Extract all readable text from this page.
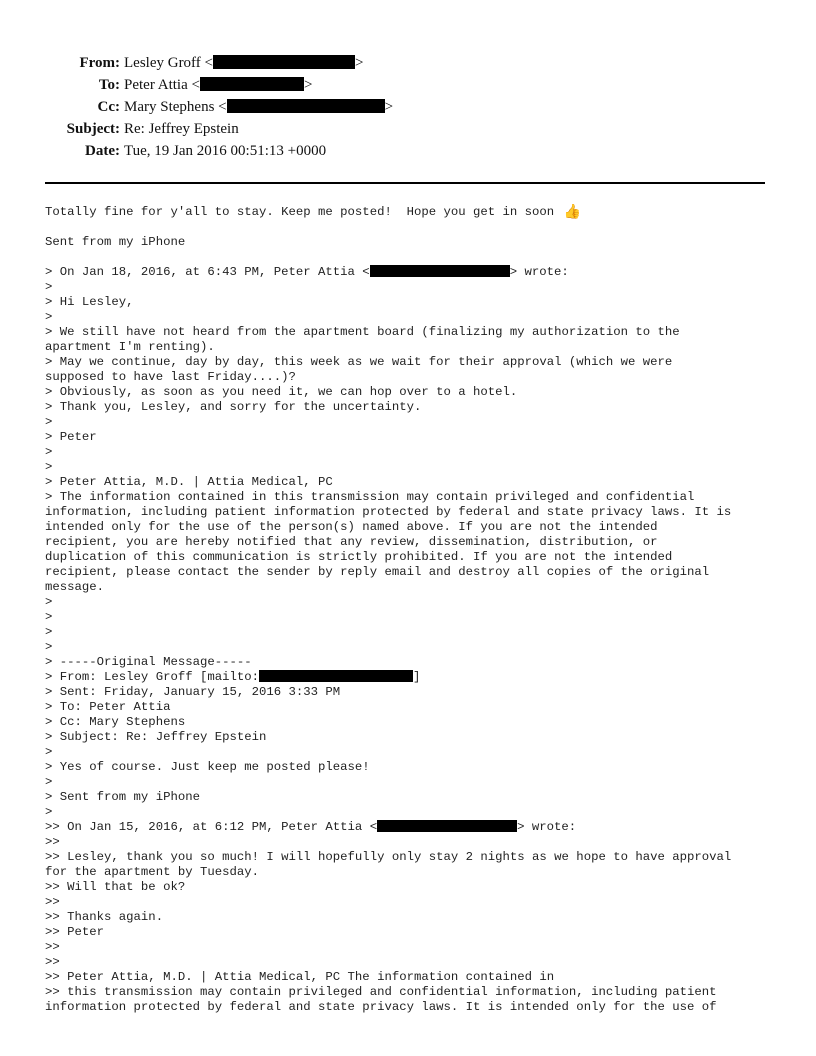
From: Lesley Groff <	>
To: Peter Attia <	>
Cc: Mary Stephens <	>
Subject: Re: Jeffrey Epstein
Date: Tue, 19 Jan 2016 00:51:13 +0000
Totally fine for y'all to stay. Keep me posted!  Hope you get in soon 👍
Sent from my iPhone
> On Jan 18, 2016, at 6:43 PM, Peter Attia <	> wrote:
>
> Hi Lesley,
>
> We still have not heard from the apartment board (finalizing my authorization to the
apartment I'm renting).
> May we continue, day by day, this week as we wait for their approval (which we were
supposed to have last Friday....)?
> Obviously, as soon as you need it, we can hop over to a hotel.
> Thank you, Lesley, and sorry for the uncertainty.
>
> Peter
>
>
> Peter Attia, M.D. | Attia Medical, PC
> The information contained in this transmission may contain privileged and confidential
information, including patient information protected by federal and state privacy laws. It is
intended only for the use of the person(s) named above. If you are not the intended
recipient, you are hereby notified that any review, dissemination, distribution, or
duplication of this communication is strictly prohibited. If you are not the intended
recipient, please contact the sender by reply email and destroy all copies of the original
message.
>
>
>
>
> -----Original Message-----
> From: Lesley Groff [mailto:	]
> Sent: Friday, January 15, 2016 3:33 PM
> To: Peter Attia
> Cc: Mary Stephens
> Subject: Re: Jeffrey Epstein
>
> Yes of course. Just keep me posted please!
>
> Sent from my iPhone
>
>> On Jan 15, 2016, at 6:12 PM, Peter Attia <	> wrote:
>>
>> Lesley, thank you so much! I will hopefully only stay 2 nights as we hope to have approval
for the apartment by Tuesday.
>> Will that be ok?
>>
>> Thanks again.
>> Peter
>>
>>
>> Peter Attia, M.D. | Attia Medical, PC The information contained in
>> this transmission may contain privileged and confidential information, including patient
information protected by federal and state privacy laws. It is intended only for the use of
